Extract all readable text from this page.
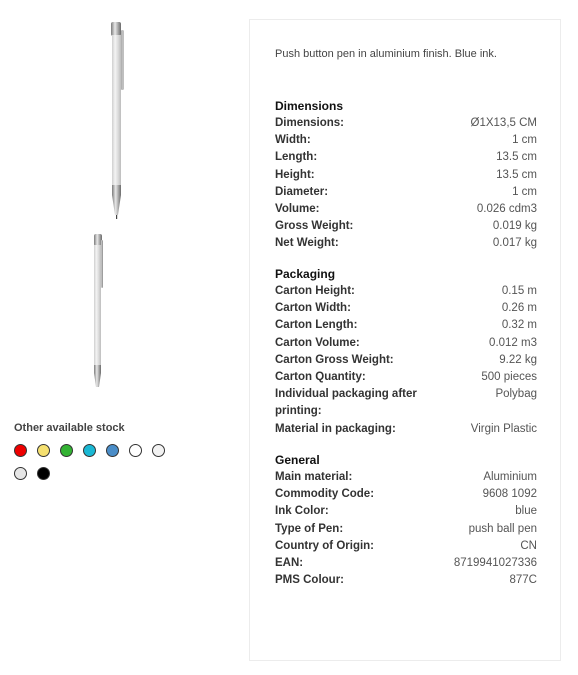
Other available stock
Push button pen in aluminium finish. Blue ink.
Dimensions
Dimensions:	Ø1X13,5 CM
Width:	1 cm
Length:	13.5 cm
Height:	13.5 cm
Diameter:	1 cm
Volume:	0.026 cdm3
Gross Weight:	0.019 kg
Net Weight:	0.017 kg
Packaging
Carton Height:	0.15 m
Carton Width:	0.26 m
Carton Length:	0.32 m
Carton Volume:	0.012 m3
Carton Gross Weight:	9.22 kg
Carton Quantity:	500 pieces
Individual packaging after printing:
Polybag
Material in packaging:	Virgin Plastic
General
Main material:	Aluminium
Commodity Code:	9608 1092
Ink Color:	blue
Type of Pen:	push ball pen
Country of Origin:	CN
EAN:	8719941027336
PMS Colour:	877C
